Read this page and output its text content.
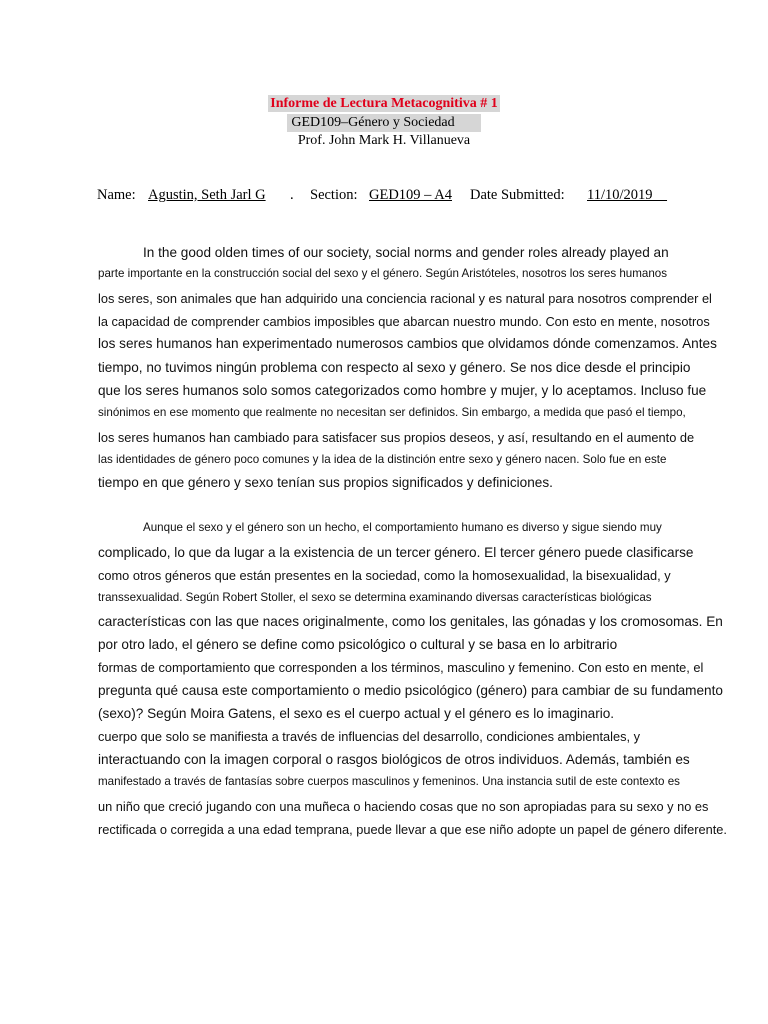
Informe de Lectura Metacognitiva # 1
GED109–Género y Sociedad
Prof. John Mark H. Villanueva
Name: Agustin, Seth Jarl G . Section: GED109 – A4 Date Submitted: 11/10/2019
In the good olden times of our society, social norms and gender roles already played an
parte importante en la construcción social del sexo y el género. Según Aristóteles, nosotros los seres humanos
los seres, son animales que han adquirido una conciencia racional y es natural para nosotros comprender el
la capacidad de comprender cambios imposibles que abarcan nuestro mundo. Con esto en mente, nosotros
los seres humanos han experimentado numerosos cambios que olvidamos dónde comenzamos. Antes
tiempo, no tuvimos ningún problema con respecto al sexo y género. Se nos dice desde el principio
que los seres humanos solo somos categorizados como hombre y mujer, y lo aceptamos. Incluso fue
sinónimos en ese momento que realmente no necesitan ser definidos. Sin embargo, a medida que pasó el tiempo,
los seres humanos han cambiado para satisfacer sus propios deseos, y así, resultando en el aumento de
las identidades de género poco comunes y la idea de la distinción entre sexo y género nacen. Solo fue en este
tiempo en que género y sexo tenían sus propios significados y definiciones.
Aunque el sexo y el género son un hecho, el comportamiento humano es diverso y sigue siendo muy
complicado, lo que da lugar a la existencia de un tercer género. El tercer género puede clasificarse
como otros géneros que están presentes en la sociedad, como la homosexualidad, la bisexualidad, y
transsexualidad. Según Robert Stoller, el sexo se determina examinando diversas características biológicas
características con las que naces originalmente, como los genitales, las gónadas y los cromosomas. En
por otro lado, el género se define como psicológico o cultural y se basa en lo arbitrario
formas de comportamiento que corresponden a los términos, masculino y femenino. Con esto en mente, el
pregunta qué causa este comportamiento o medio psicológico (género) para cambiar de su fundamento
(sexo)? Según Moira Gatens, el sexo es el cuerpo actual y el género es lo imaginario.
cuerpo que solo se manifiesta a través de influencias del desarrollo, condiciones ambientales, y
interactuando con la imagen corporal o rasgos biológicos de otros individuos. Además, también es
manifestado a través de fantasías sobre cuerpos masculinos y femeninos. Una instancia sutil de este contexto es
un niño que creció jugando con una muñeca o haciendo cosas que no son apropiadas para su sexo y no es
rectificada o corregida a una edad temprana, puede llevar a que ese niño adopte un papel de género diferente.
